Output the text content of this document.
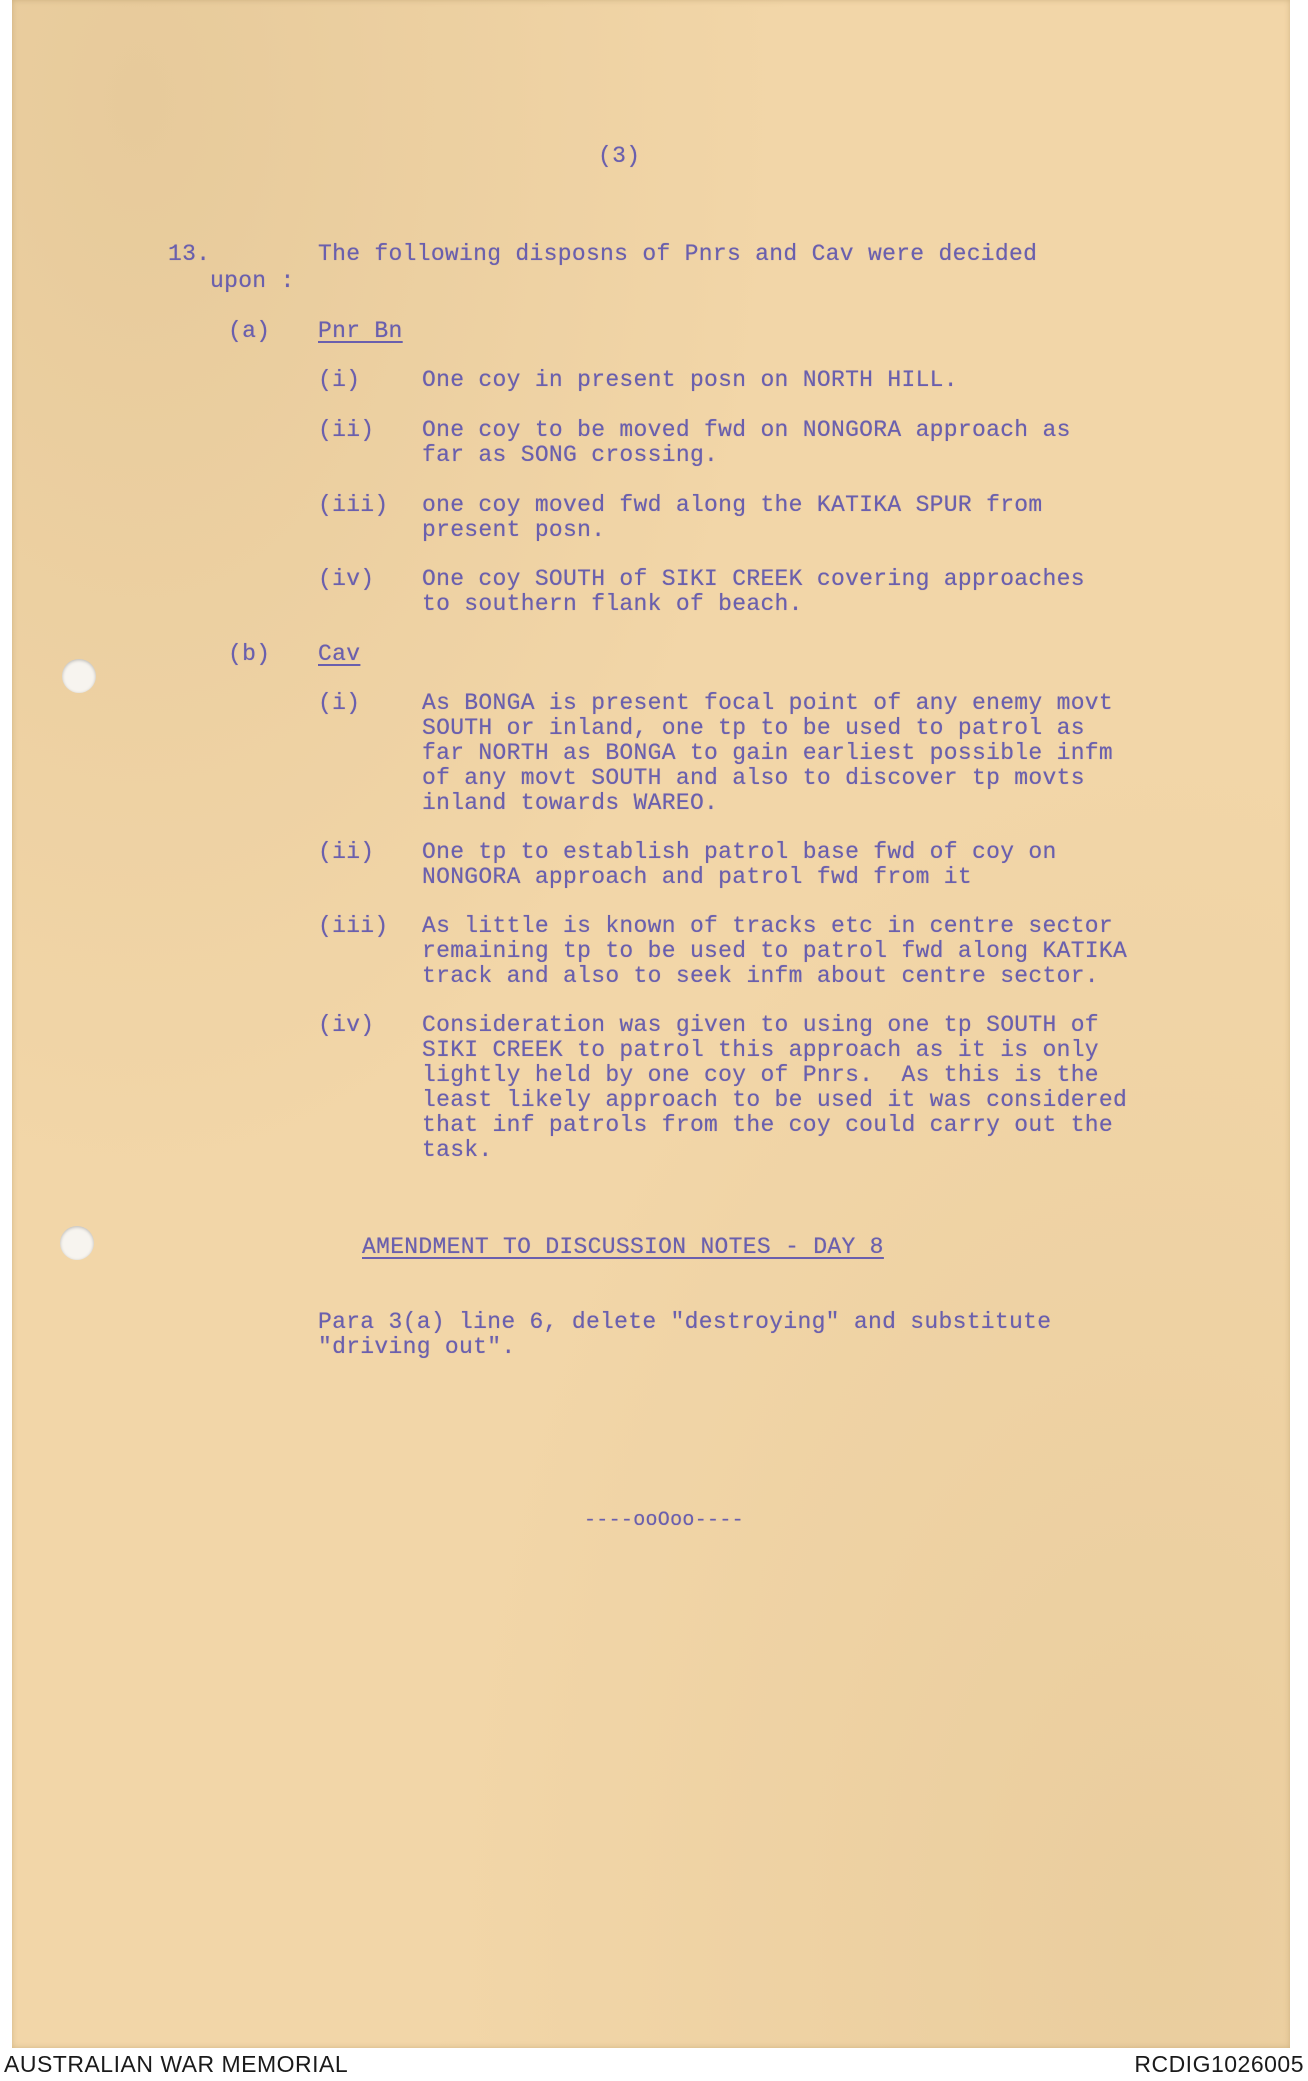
(3)
13.	The following disposns of Pnrs and Cav were decided
upon :
(a) Pnr Bn
(i)	One coy in present posn on NORTH HILL.
(ii) One coy to be moved fwd on NONGORA approach as
far as SONG crossing.
(iii) one coy moved fwd along the KATIKA SPUR from
present posn.
(iv) One coy SOUTH of SIKI CREEK covering approaches
to southern flank of beach.
(b) Cav
(i)	As BONGA is present focal point of any enemy movt
SOUTH or inland, one tp to be used to patrol as
far NORTH as BONGA to gain earliest possible infm
of any movt SOUTH and also to discover tp movts
inland towards WAREO.
(ii) One tp to establish patrol base fwd of coy on
NONGORA approach and patrol fwd from it
(iii) As little is known of tracks etc in centre sector
remaining tp to be used to patrol fwd along KATIKA
track and also to seek infm about centre sector.
(iv) Consideration was given to using one tp SOUTH of
SIKI CREEK to patrol this approach as it is only
lightly held by one coy of Pnrs.  As this is the
least likely approach to be used it was considered
that inf patrols from the coy could carry out the
task.
AMENDMENT TO DISCUSSION NOTES - DAY 8
Para 3(a) line 6, delete "destroying" and substitute
"driving out".
----ooOoo----
AUSTRALIAN WAR MEMORIAL	RCDIG1026005
